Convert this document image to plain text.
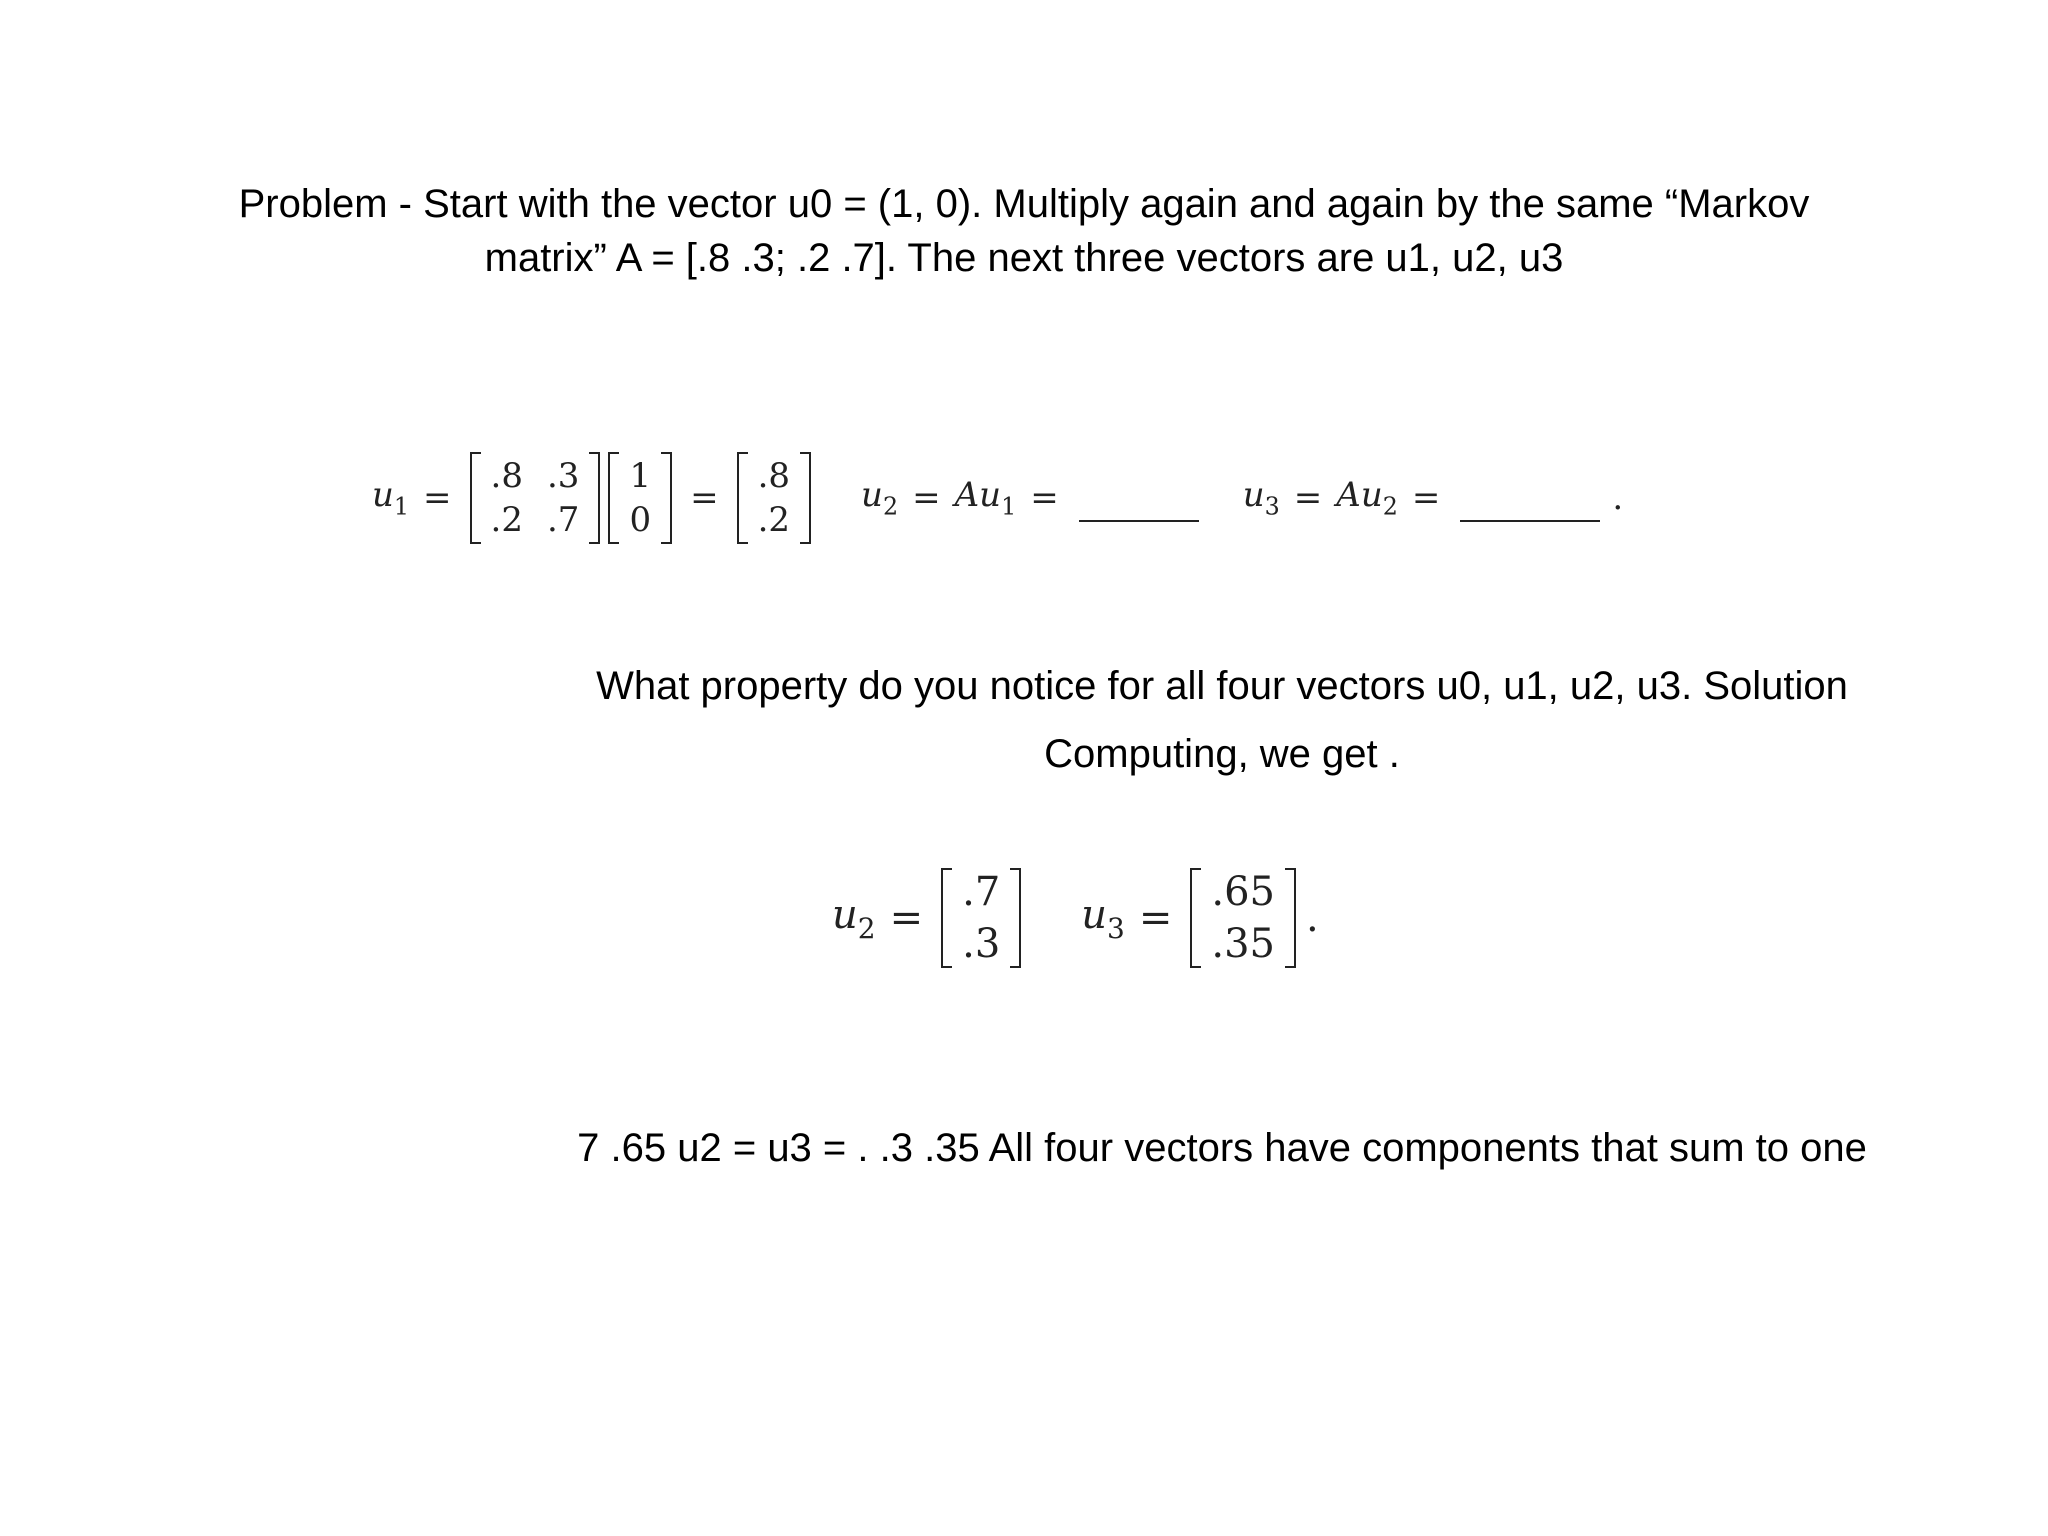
Problem - Start with the vector u0 = (1, 0). Multiply again and again by the same “Markov
matrix” A = [.8 .3; .2 .7]. The next three vectors are u1, u2, u3
$u_1$ =
.8 .3
.2 .7
1
0
=
.8
.2
$u_2 = Au_1$ =	$u_3 = Au_2$ =	.
What property do you notice for all four vectors u0, u1, u2, u3. Solution
Computing, we get .
$u_2$ =
.7
.3
$u_3$ =
.65
.35
.
7 .65 u2 = u3 = . .3 .35 All four vectors have components that sum to one
